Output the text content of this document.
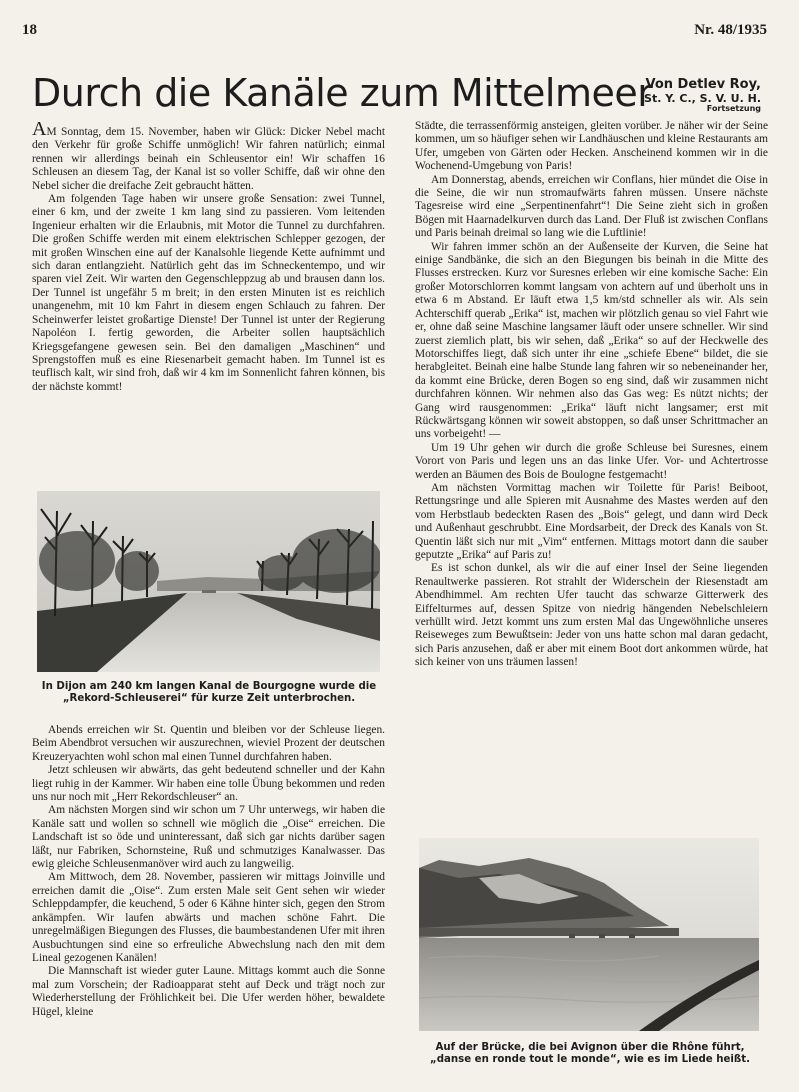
18	Nr. 48/1935
Durch die Kanäle zum Mittelmeer
Von Detlev Roy,
St. Y. C., S. V. U. H.
Fortsetzung

AM Sonntag, dem 15. November, haben wir Glück: Dicker Nebel macht den Verkehr für große Schiffe unmöglich! Wir fahren natürlich; einmal rennen wir allerdings beinah ein Schleusentor ein! Wir schaffen 16 Schleusen an diesem Tag, der Kanal ist so voller Schiffe, daß wir ohne den Nebel sicher die dreifache Zeit gebraucht hätten.

Am folgenden Tage haben wir unsere große Sensation: zwei Tunnel, einer 6 km, und der zweite 1 km lang sind zu passieren. Vom leitenden Ingenieur erhalten wir die Erlaubnis, mit Motor die Tunnel zu durchfahren. Die großen Schiffe werden mit einem elektrischen Schlepper gezogen, der mit großen Winschen eine auf der Kanalsohle liegende Kette aufnimmt und sich daran entlangzieht. Natürlich geht das im Schneckentempo, und wir sparen viel Zeit. Wir warten den Gegenschleppzug ab und brausen dann los. Der Tunnel ist ungefähr 5 m breit; in den ersten Minuten ist es reichlich unangenehm, mit 10 km Fahrt in diesem engen Schlauch zu fahren. Der Scheinwerfer leistet großartige Dienste! Der Tunnel ist unter der Regierung Napoléon I. fertig geworden, die Arbeiter sollen hauptsächlich Kriegsgefangene gewesen sein. Bei den damaligen „Maschinen“ und Sprengstoffen muß es eine Riesenarbeit gemacht haben. Im Tunnel ist es teuflisch kalt, wir sind froh, daß wir 4 km im Sonnenlicht fahren können, bis der nächste kommt!

In Dijon am 240 km langen Kanal de Bourgogne wurde die „Rekord-Schleuserei“ für kurze Zeit unterbrochen.

Abends erreichen wir St. Quentin und bleiben vor der Schleuse liegen. Beim Abendbrot versuchen wir auszurechnen, wieviel Prozent der deutschen Kreuzeryachten wohl schon mal einen Tunnel durchfahren haben.

Jetzt schleusen wir abwärts, das geht bedeutend schneller und der Kahn liegt ruhig in der Kammer. Wir haben eine tolle Übung bekommen und reden uns nur noch mit „Herr Rekordschleuser“ an.

Am nächsten Morgen sind wir schon um 7 Uhr unterwegs, wir haben die Kanäle satt und wollen so schnell wie möglich die „Oise“ erreichen. Die Landschaft ist so öde und uninteressant, daß sich gar nichts darüber sagen läßt, nur Fabriken, Schornsteine, Ruß und schmutziges Kanalwasser. Das ewig gleiche Schleusenmanöver wird auch zu langweilig.

Am Mittwoch, dem 28. November, passieren wir mittags Joinville und erreichen damit die „Oise“. Zum ersten Male seit Gent sehen wir wieder Schleppdampfer, die keuchend, 5 oder 6 Kähne hinter sich, gegen den Strom ankämpfen. Wir laufen abwärts und machen schöne Fahrt. Die unregelmäßigen Biegungen des Flusses, die baumbestandenen Ufer mit ihren Ausbuchtungen sind eine so erfreuliche Abwechslung nach den mit dem Lineal gezogenen Kanälen!

Die Mannschaft ist wieder guter Laune. Mittags kommt auch die Sonne mal zum Vorschein; der Radioapparat steht auf Deck und trägt noch zur Wiederherstellung der Fröhlichkeit bei. Die Ufer werden höher, bewaldete Hügel, kleine

Städte, die terrassenförmig ansteigen, gleiten vorüber. Je näher wir der Seine kommen, um so häufiger sehen wir Landhäuschen und kleine Restaurants am Ufer, umgeben von Gärten oder Hecken. Anscheinend kommen wir in die Wochenend-Umgebung von Paris!

Am Donnerstag, abends, erreichen wir Conflans, hier mündet die Oise in die Seine, die wir nun stromaufwärts fahren müssen. Unsere nächste Tagesreise wird eine „Serpentinenfahrt“! Die Seine zieht sich in großen Bögen mit Haarnadelkurven durch das Land. Der Fluß ist zwischen Conflans und Paris beinah dreimal so lang wie die Luftlinie!

Wir fahren immer schön an der Außenseite der Kurven, die Seine hat einige Sandbänke, die sich an den Biegungen bis beinah in die Mitte des Flusses erstrecken. Kurz vor Suresnes erleben wir eine komische Sache: Ein großer Motorschlorren kommt langsam von achtern auf und überholt uns in etwa 6 m Abstand. Er läuft etwa 1,5 km/std schneller als wir. Als sein Achterschiff querab „Erika“ ist, machen wir plötzlich genau so viel Fahrt wie er, ohne daß seine Maschine langsamer läuft oder unsere schneller. Wir sind zuerst ziemlich platt, bis wir sehen, daß „Erika“ so auf der Heckwelle des Motorschiffes liegt, daß sich unter ihr eine „schiefe Ebene“ bildet, die sie herabgleitet. Beinah eine halbe Stunde lang fahren wir so nebeneinander her, da kommt eine Brücke, deren Bogen so eng sind, daß wir zusammen nicht durchfahren können. Wir nehmen also das Gas weg: Es nützt nichts; der Gang wird rausgenommen: „Erika“ läuft nicht langsamer; erst mit Rückwärtsgang können wir soweit abstoppen, so daß unser Schrittmacher an uns vorbeigeht! —

Um 19 Uhr gehen wir durch die große Schleuse bei Suresnes, einem Vorort von Paris und legen uns an das linke Ufer. Vor- und Achtertrosse werden an Bäumen des Bois de Boulogne festgemacht!

Am nächsten Vormittag machen wir Toilette für Paris! Beiboot, Rettungsringe und alle Spieren mit Ausnahme des Mastes werden auf den vom Herbstlaub bedeckten Rasen des „Bois“ gelegt, und dann wird Deck und Außenhaut geschrubbt. Eine Mordsarbeit, der Dreck des Kanals von St. Quentin läßt sich nur mit „Vim“ entfernen. Mittags motort dann die sauber geputzte „Erika“ auf Paris zu!

Es ist schon dunkel, als wir die auf einer Insel der Seine liegenden Renaultwerke passieren. Rot strahlt der Widerschein der Riesenstadt am Abendhimmel. Am rechten Ufer taucht das schwarze Gitterwerk des Eiffelturmes auf, dessen Spitze von niedrig hängenden Nebelschleiern verhüllt wird. Jetzt kommt uns zum ersten Mal das Ungewöhnliche unseres Reiseweges zum Bewußtsein: Jeder von uns hatte schon mal daran gedacht, sich Paris anzusehen, daß er aber mit einem Boot dort ankommen würde, hat sich keiner von uns träumen lassen!

Auf der Brücke, die bei Avignon über die Rhône führt, „danse en ronde tout le monde“, wie es im Liede heißt.
